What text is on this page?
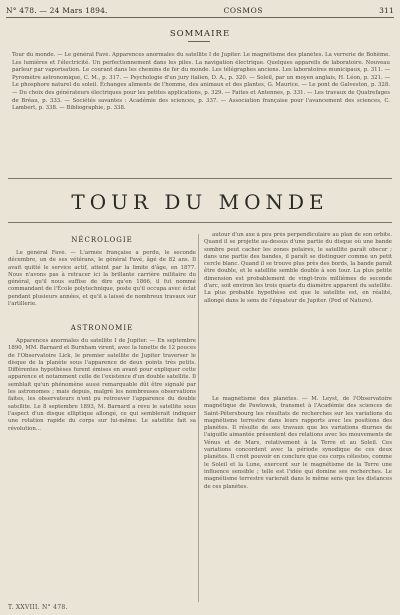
N° 478. — 24 Mars 1894.	COSMOS	311
SOMMAIRE
Tour du monde. — Le général Favé. Apparences anormales du satellite I de Jupiter. Le magnétisme des planètes. La verrerie de Bohême. Les lumières et l'électricité. Un perfectionnement dans les piles. La navigation électrique. Quelques appareils de laboratoire. Nouveau parleur par vaporisation. Le courant dans les chemins de fer du monde. Les télégraphes anciens. Les laboratoires municipaux, p. 311. — Pyromètre astronomique, C. M., p. 317. — Psychologie d'un jury italien, D. A., p. 320. — Soleil, par un moyen anglais, H. Léon, p. 321. — Le phosphore naturel du soleil. Échanges aliments de l'homme, des animaux et des plantes, G. Maurice. — Le pont de Galveston, p. 328. — Du choix des générateurs électriques pour les petites applications, p. 329. — Faites et Antennes, p. 331. — Les travaux de Quatrefages de Bréau, p. 333. — Sociétés savantes : Académie des sciences, p. 337. — Association française pour l'avancement des sciences, C. Lambert, p. 338. — Bibliographie, p. 338.
TOUR DU MONDE
NÉCROLOGIE

Le général Favé. — L'armée française a perdu, le seconde décembre, un de ses vétérans, le général Favé, âgé de 82 ans. Il avait quitté le service actif, atteint par la limite d'âge, en 1877. Nous n'avons pas à retracer ici la brillante carrière militaire du général, qu'il nous suffise de dire qu'en 1866, il fut nommé commandant de l'École polytechnique, poste qu'il occupa avec éclat pendant plusieurs années, et qu'il a laissé de nombreux travaux sur l'artillerie.

ASTRONOMIE

Apparences anormales du satellite I de Jupiter. — En septembre 1890, MM. Barnard et Burnham virent, avec la lunette de 12 pouces de l'Observatoire Lick, le premier satellite de Jupiter traverser le disque de la planète sous l'apparence de deux points très petits. Différentes hypothèses furent émises en avant pour expliquer cette apparence et notamment celle de l'existence d'un double satellite. Il semblait qu'un phénomène aussi remarquable dût être signalé par les astronomes ; mais depuis, malgré les nombreuses observations faites, les observateurs n'ont pu retrouver l'apparence du double satellite. Le 8 septembre 1893, M. Barnard a revu le satellite sous l'aspect d'un disque elliptique allongé, ce qui semblerait indiquer une rotation rapide du corps sur lui-même. Le satellite fait sa révolution...

autour d'un axe à peu près perpendiculaire au plan de son orbite. Quand il se projette au-dessus d'une partie du disque où une bande sombre peut cacher les zones polaires, le satellite paraît obscur ; dans une partie des bandes, il paraît se distinguer comme un petit cercle blanc. Quand il se trouve plus près des bords, la bande paraît être double, et le satellite semble double à son tour. La plus petite dimension est probablement de vingt-trois millièmes de seconde d'arc, soit environ les trois quarts du diamètre apparent du satellite. La plus probable hypothèse est que le satellite est, en réalité, allongé dans le sens de l'équateur de Jupiter. (Pod of Nature).

Le magnétisme des planètes. — M. Leyst, de l'Observatoire magnétique de Pawlowsk, transmet à l'Académie des sciences de Saint-Pétersbourg les résultats de recherches sur les variations du magnétisme terrestre dans leurs rapports avec les positions des planètes. Il résulte de ses travaux que les variations diurnes de l'aiguille aimantée présentent des relations avec les mouvements de Vénus et de Mars, relativement à la Terre et au Soleil. Ces variations concordent avec la période synodique de ces deux planètes. Il croit pouvoir en conclure que ces corps célestes, comme le Soleil et la Lune, exercent sur le magnétisme de la Terre une influence sensible ; telle est l'idée qui domine ses recherches. Le magnétisme terrestre varierait dans le même sens que les distances de ces planètes.

T. XXVIII. N° 478.
